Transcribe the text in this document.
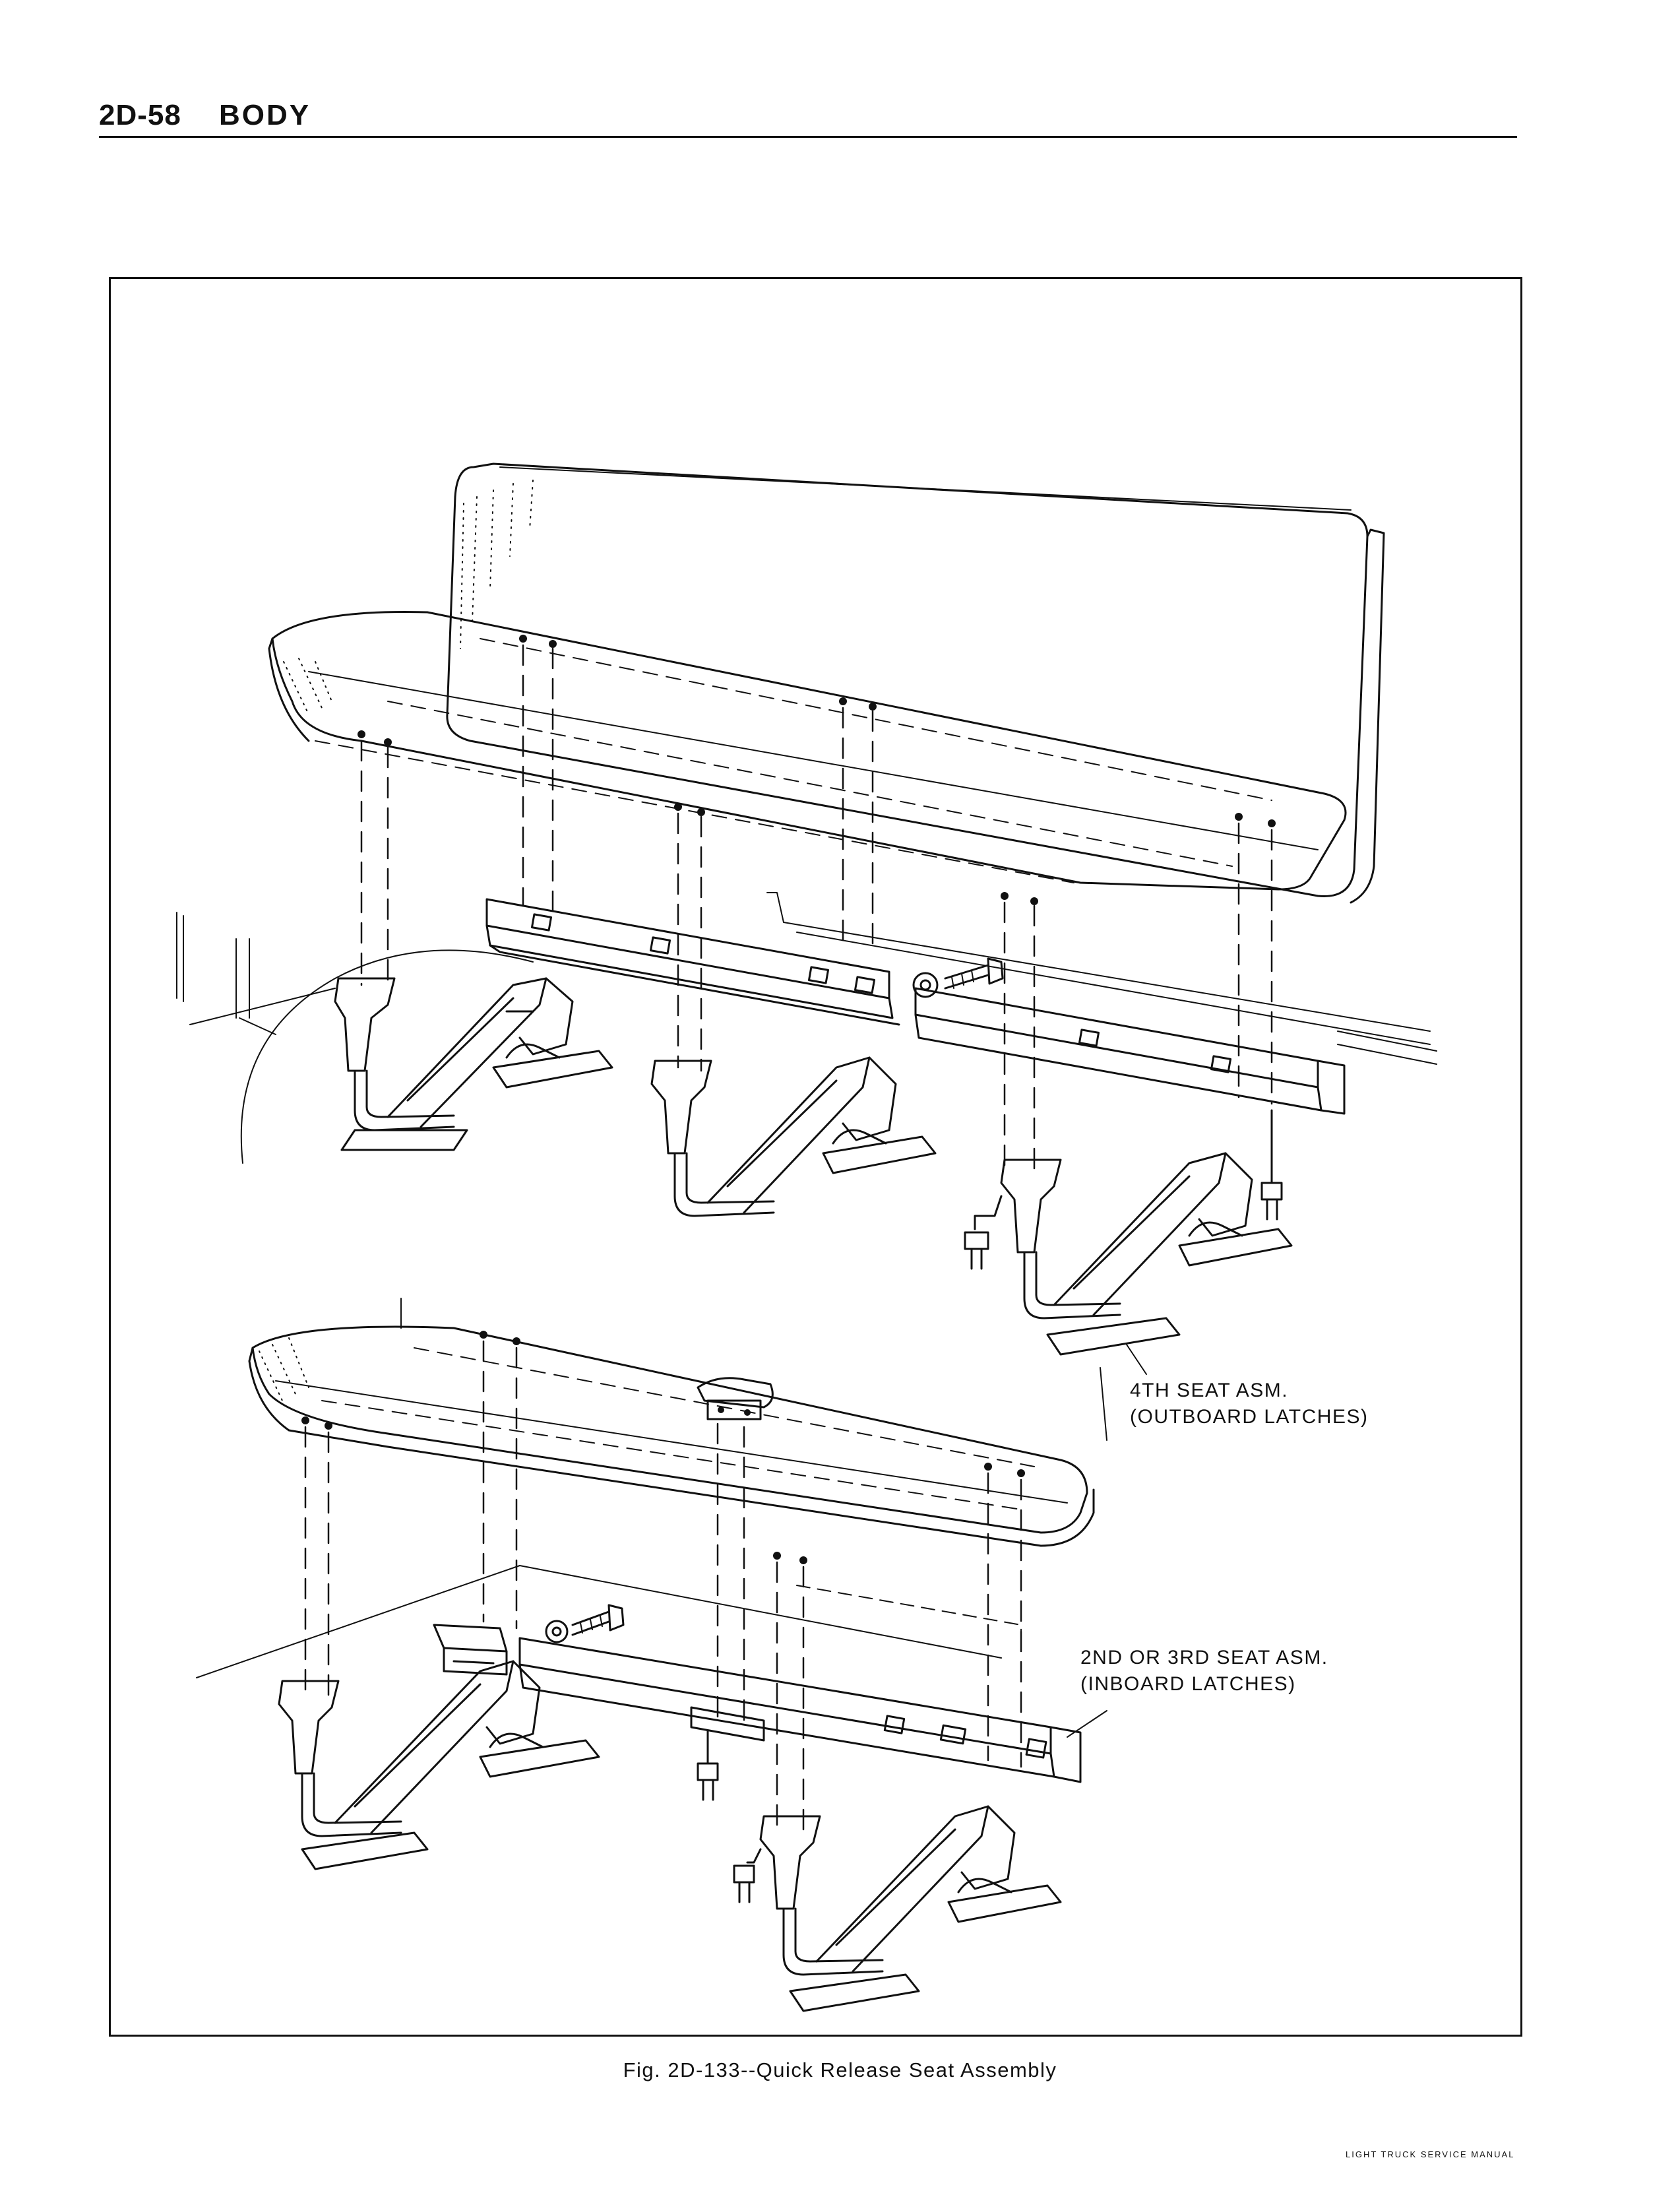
2D-58 BODY
4TH SEAT ASM.
(OUTBOARD LATCHES)
2ND OR 3RD SEAT ASM.
(INBOARD LATCHES)
Fig. 2D-133--Quick Release Seat Assembly
LIGHT TRUCK SERVICE MANUAL
